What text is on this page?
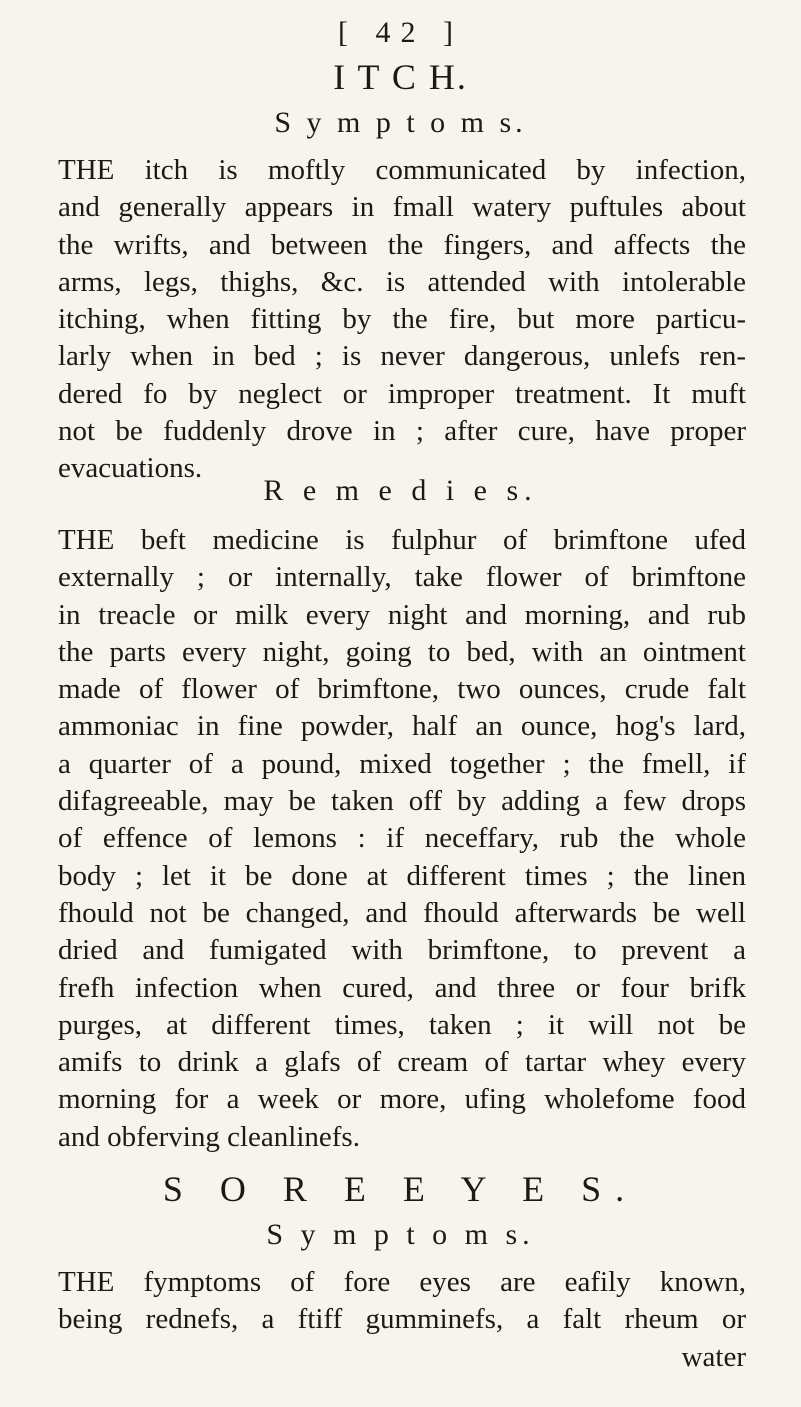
[ 42 ]
I T C H.
S y m p t o m s.
THE itch is moftly communicated by infection,
and generally appears in fmall watery puftules about
the wrifts, and between the fingers, and affects the
arms, legs, thighs, &c. is attended with intolerable
itching, when fitting by the fire, but more particu-
larly when in bed ; is never dangerous, unlefs ren-
dered fo by neglect or improper treatment. It muft
not be fuddenly drove in ; after cure, have proper
evacuations.
R e m e d i e s.
THE beft medicine is fulphur of brimftone ufed
externally ; or internally, take flower of brimftone
in treacle or milk every night and morning, and rub
the parts every night, going to bed, with an ointment
made of flower of brimftone, two ounces, crude falt
ammoniac in fine powder, half an ounce, hog's lard,
a quarter of a pound, mixed together ; the fmell, if
difagreeable, may be taken off by adding a few drops
of effence of lemons : if neceffary, rub the whole
body ; let it be done at different times ; the linen
fhould not be changed, and fhould afterwards be well
dried and fumigated with brimftone, to prevent a
frefh infection when cured, and three or four brifk
purges, at different times, taken ; it will not be
amifs to drink a glafs of cream of tartar whey every
morning for a week or more, ufing wholefome food
and obferving cleanlinefs.
S O R E E Y E S.
S y m p t o m s.
THE fymptoms of fore eyes are eafily known,
being rednefs, a ftiff gumminefs, a falt rheum or
water
